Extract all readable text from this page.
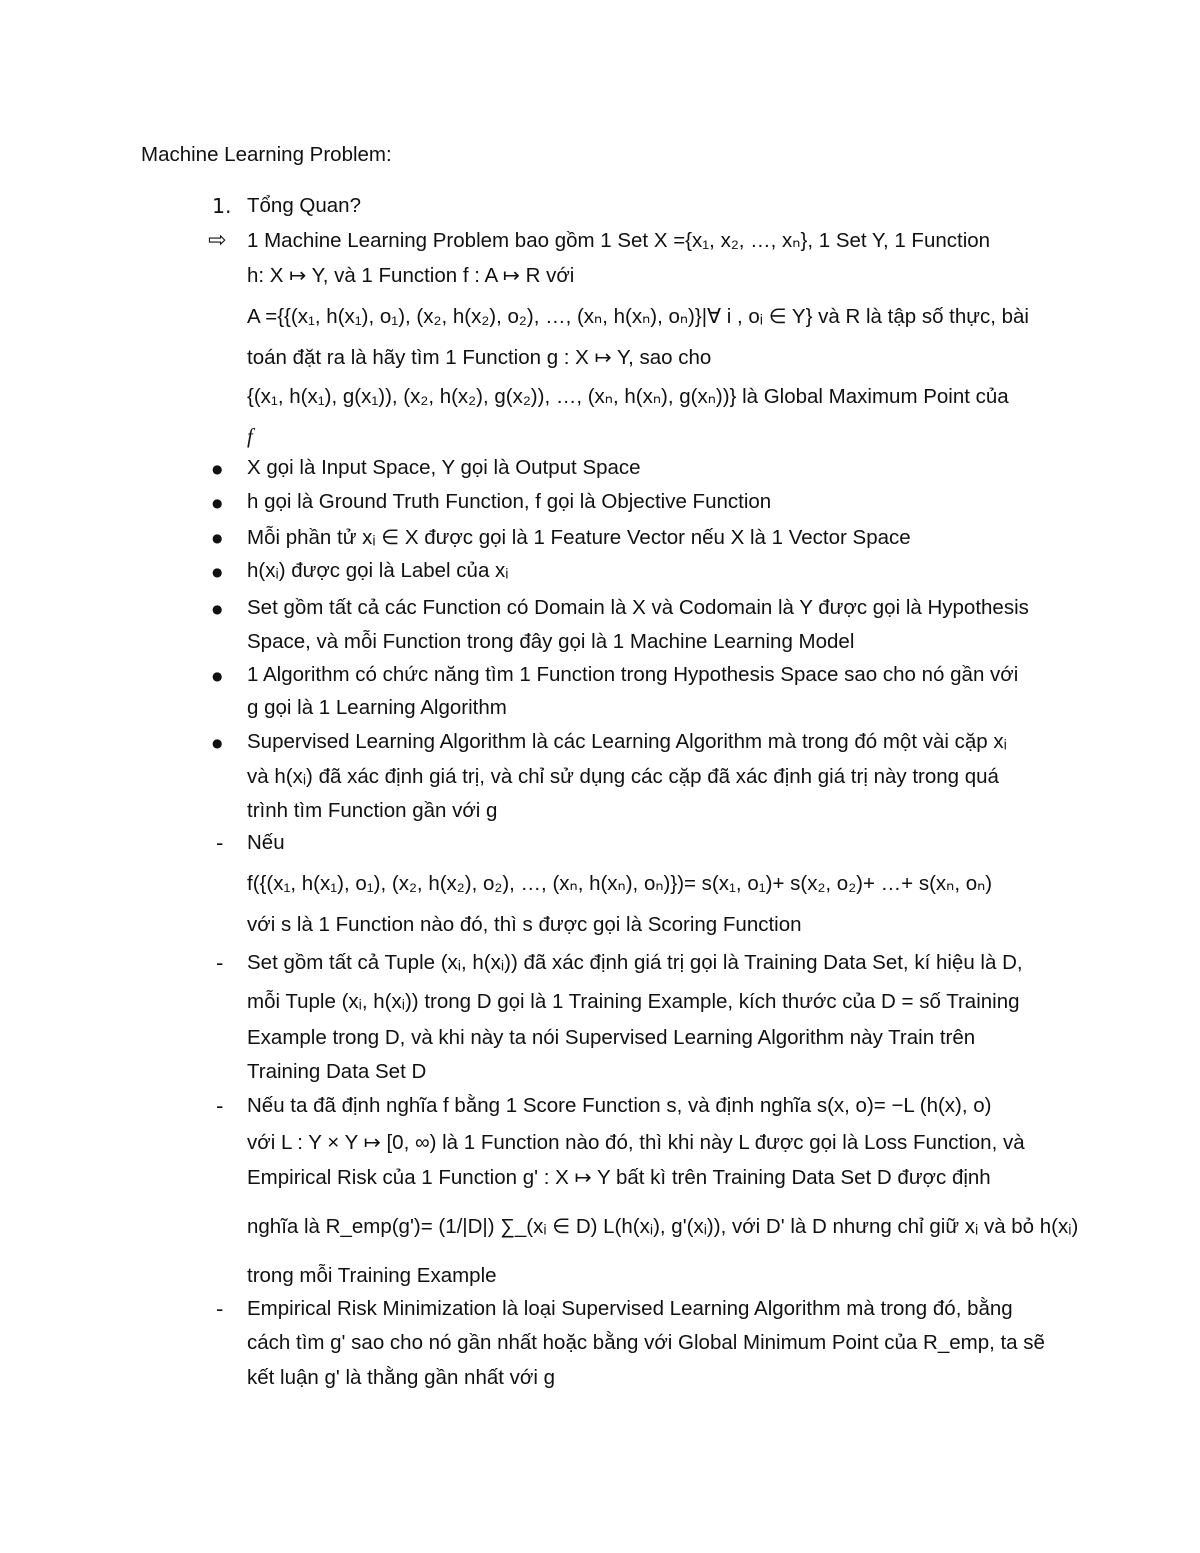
Machine Learning Problem:
1. Tổng Quan?
⇨ 1 Machine Learning Problem bao gồm 1 Set X ={x₁, x₂, …, xₙ}, 1 Set Y, 1 Function
h: X ↦ Y, và 1 Function f : A ↦ R với
A ={{(x₁, h(x₁), o₁), (x₂, h(x₂), o₂), …, (xₙ, h(xₙ), oₙ)}|∀ i , oᵢ ∈ Y} và R là tập số thực, bài
toán đặt ra là hãy tìm 1 Function g : X ↦ Y, sao cho
{(x₁, h(x₁), g(x₁)), (x₂, h(x₂), g(x₂)), …, (xₙ, h(xₙ), g(xₙ))} là Global Maximum Point của
f
● X gọi là Input Space, Y gọi là Output Space
● h gọi là Ground Truth Function, f gọi là Objective Function
● Mỗi phần tử xᵢ ∈ X được gọi là 1 Feature Vector nếu X là 1 Vector Space
● h(xᵢ) được gọi là Label của xᵢ
● Set gồm tất cả các Function có Domain là X và Codomain là Y được gọi là Hypothesis
Space, và mỗi Function trong đây gọi là 1 Machine Learning Model
● 1 Algorithm có chức năng tìm 1 Function trong Hypothesis Space sao cho nó gần với
g gọi là 1 Learning Algorithm
● Supervised Learning Algorithm là các Learning Algorithm mà trong đó một vài cặp xᵢ
và h(xᵢ) đã xác định giá trị, và chỉ sử dụng các cặp đã xác định giá trị này trong quá
trình tìm Function gần với g
- Nếu
f({(x₁, h(x₁), o₁), (x₂, h(x₂), o₂), …, (xₙ, h(xₙ), oₙ)})= s(x₁, o₁)+ s(x₂, o₂)+ …+ s(xₙ, oₙ)
với s là 1 Function nào đó, thì s được gọi là Scoring Function
- Set gồm tất cả Tuple (xᵢ, h(xᵢ)) đã xác định giá trị gọi là Training Data Set, kí hiệu là D,
mỗi Tuple (xᵢ, h(xᵢ)) trong D gọi là 1 Training Example, kích thước của D = số Training
Example trong D, và khi này ta nói Supervised Learning Algorithm này Train trên
Training Data Set D
- Nếu ta đã định nghĩa f bằng 1 Score Function s, và định nghĩa s(x, o)= −L (h(x), o)
với L : Y × Y ↦ [0, ∞) là 1 Function nào đó, thì khi này L được gọi là Loss Function, và
Empirical Risk của 1 Function g' : X ↦ Y bất kì trên Training Data Set D được định
nghĩa là R_emp(g')= (1/|D|) ∑_(xᵢ ∈ D) L(h(xᵢ), g'(xᵢ)), với D' là D nhưng chỉ giữ xᵢ và bỏ h(xᵢ)
trong mỗi Training Example
- Empirical Risk Minimization là loại Supervised Learning Algorithm mà trong đó, bằng
cách tìm g' sao cho nó gần nhất hoặc bằng với Global Minimum Point của R_emp, ta sẽ
kết luận g' là thằng gần nhất với g
